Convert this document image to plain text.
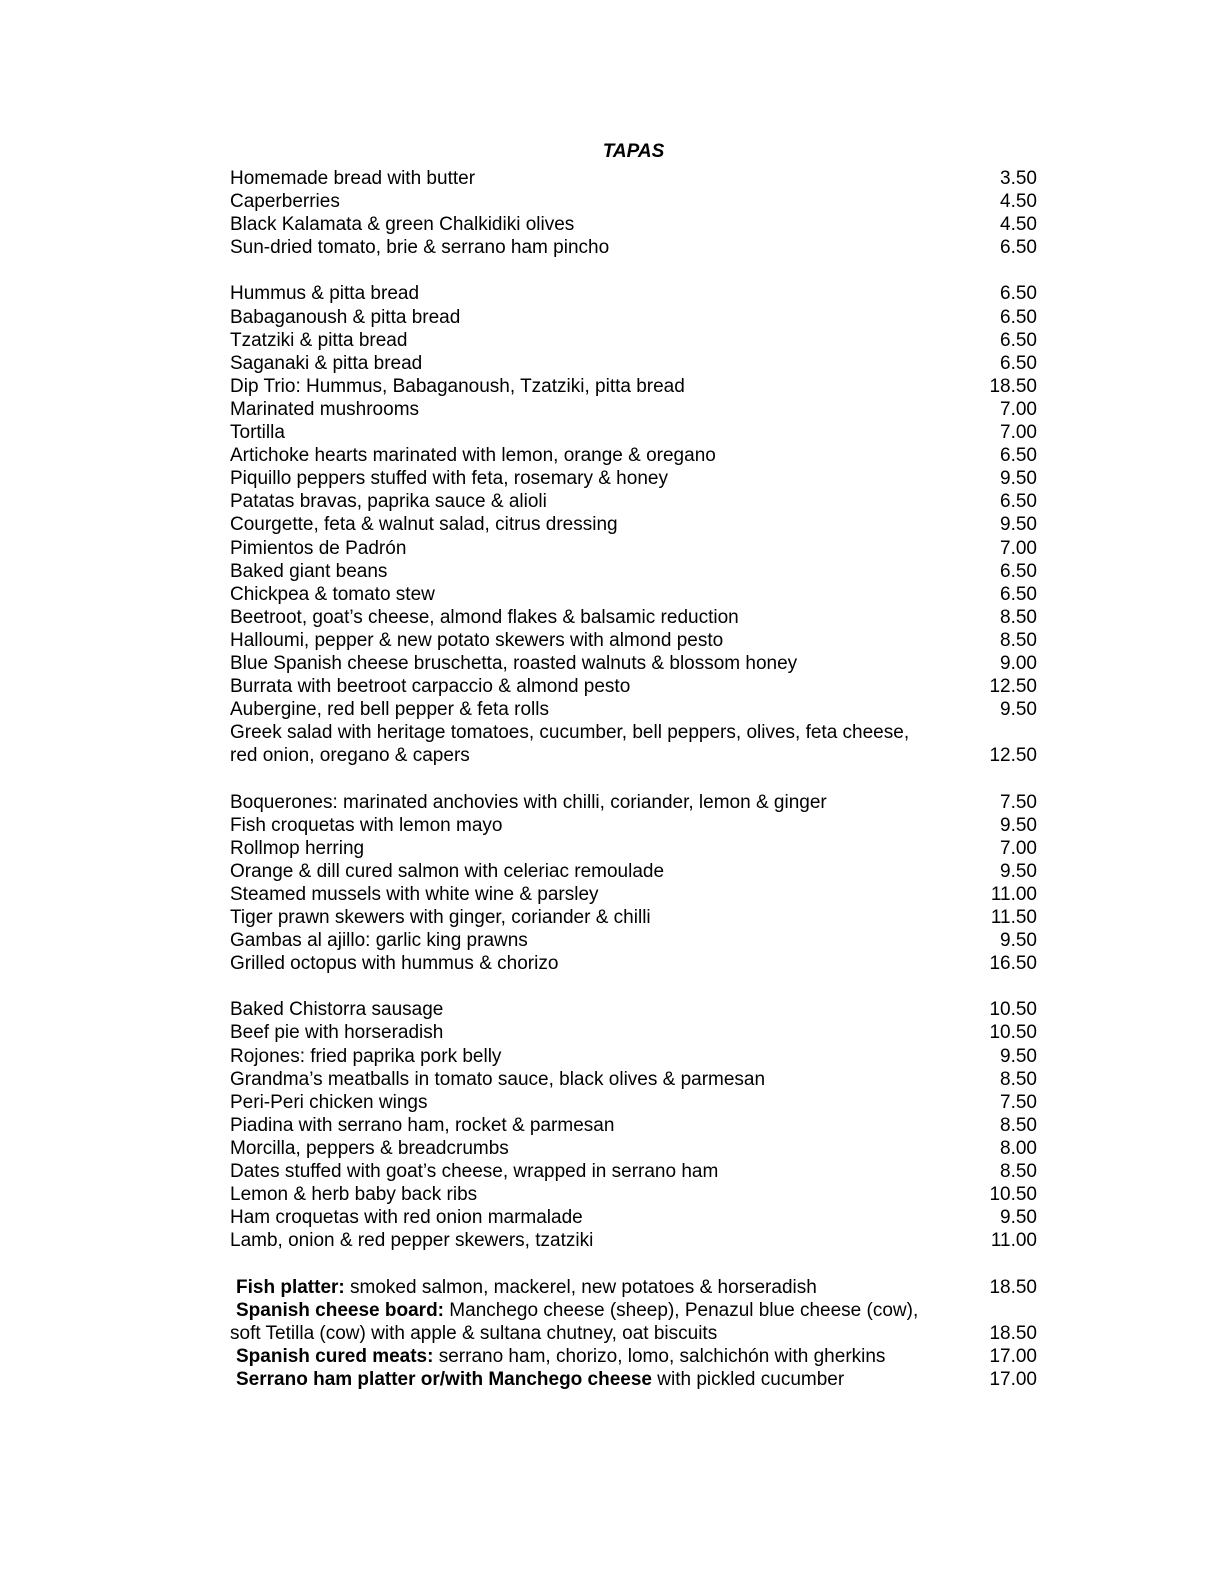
TAPAS
Homemade bread with butter	3.50
Caperberries	4.50
Black Kalamata & green Chalkidiki olives	4.50
Sun-dried tomato, brie & serrano ham pincho	6.50
Hummus & pitta bread	6.50
Babaganoush & pitta bread	6.50
Tzatziki & pitta bread	6.50
Saganaki & pitta bread	6.50
Dip Trio: Hummus, Babaganoush, Tzatziki, pitta bread	18.50
Marinated mushrooms	7.00
Tortilla	7.00
Artichoke hearts marinated with lemon, orange & oregano	6.50
Piquillo peppers stuffed with feta, rosemary & honey	9.50
Patatas bravas, paprika sauce & alioli	6.50
Courgette, feta & walnut salad, citrus dressing	9.50
Pimientos de Padrón	7.00
Baked giant beans	6.50
Chickpea & tomato stew	6.50
Beetroot, goat’s cheese, almond flakes & balsamic reduction	8.50
Halloumi, pepper & new potato skewers with almond pesto	8.50
Blue Spanish cheese bruschetta, roasted walnuts & blossom honey	9.00
Burrata with beetroot carpaccio & almond pesto	12.50
Aubergine, red bell pepper & feta rolls	9.50
Greek salad with heritage tomatoes, cucumber, bell peppers, olives, feta cheese,
red onion, oregano & capers	12.50
Boquerones: marinated anchovies with chilli, coriander, lemon & ginger	7.50
Fish croquetas with lemon mayo	9.50
Rollmop herring	7.00
Orange & dill cured salmon with celeriac remoulade	9.50
Steamed mussels with white wine & parsley	11.00
Tiger prawn skewers with ginger, coriander & chilli	11.50
Gambas al ajillo: garlic king prawns	9.50
Grilled octopus with hummus & chorizo	16.50
Baked Chistorra sausage	10.50
Beef pie with horseradish	10.50
Rojones: fried paprika pork belly	9.50
Grandma’s meatballs in tomato sauce, black olives & parmesan	8.50
Peri-Peri chicken wings	7.50
Piadina with serrano ham, rocket & parmesan	8.50
Morcilla, peppers & breadcrumbs	8.00
Dates stuffed with goat’s cheese, wrapped in serrano ham	8.50
Lemon & herb baby back ribs	10.50
Ham croquetas with red onion marmalade	9.50
Lamb, onion & red pepper skewers, tzatziki	11.00
Fish platter: smoked salmon, mackerel, new potatoes & horseradish	18.50
Spanish cheese board: Manchego cheese (sheep), Penazul blue cheese (cow),
soft Tetilla (cow) with apple & sultana chutney, oat biscuits	18.50
Spanish cured meats: serrano ham, chorizo, lomo, salchichón with gherkins	17.00
Serrano ham platter or/with Manchego cheese with pickled cucumber	17.00
